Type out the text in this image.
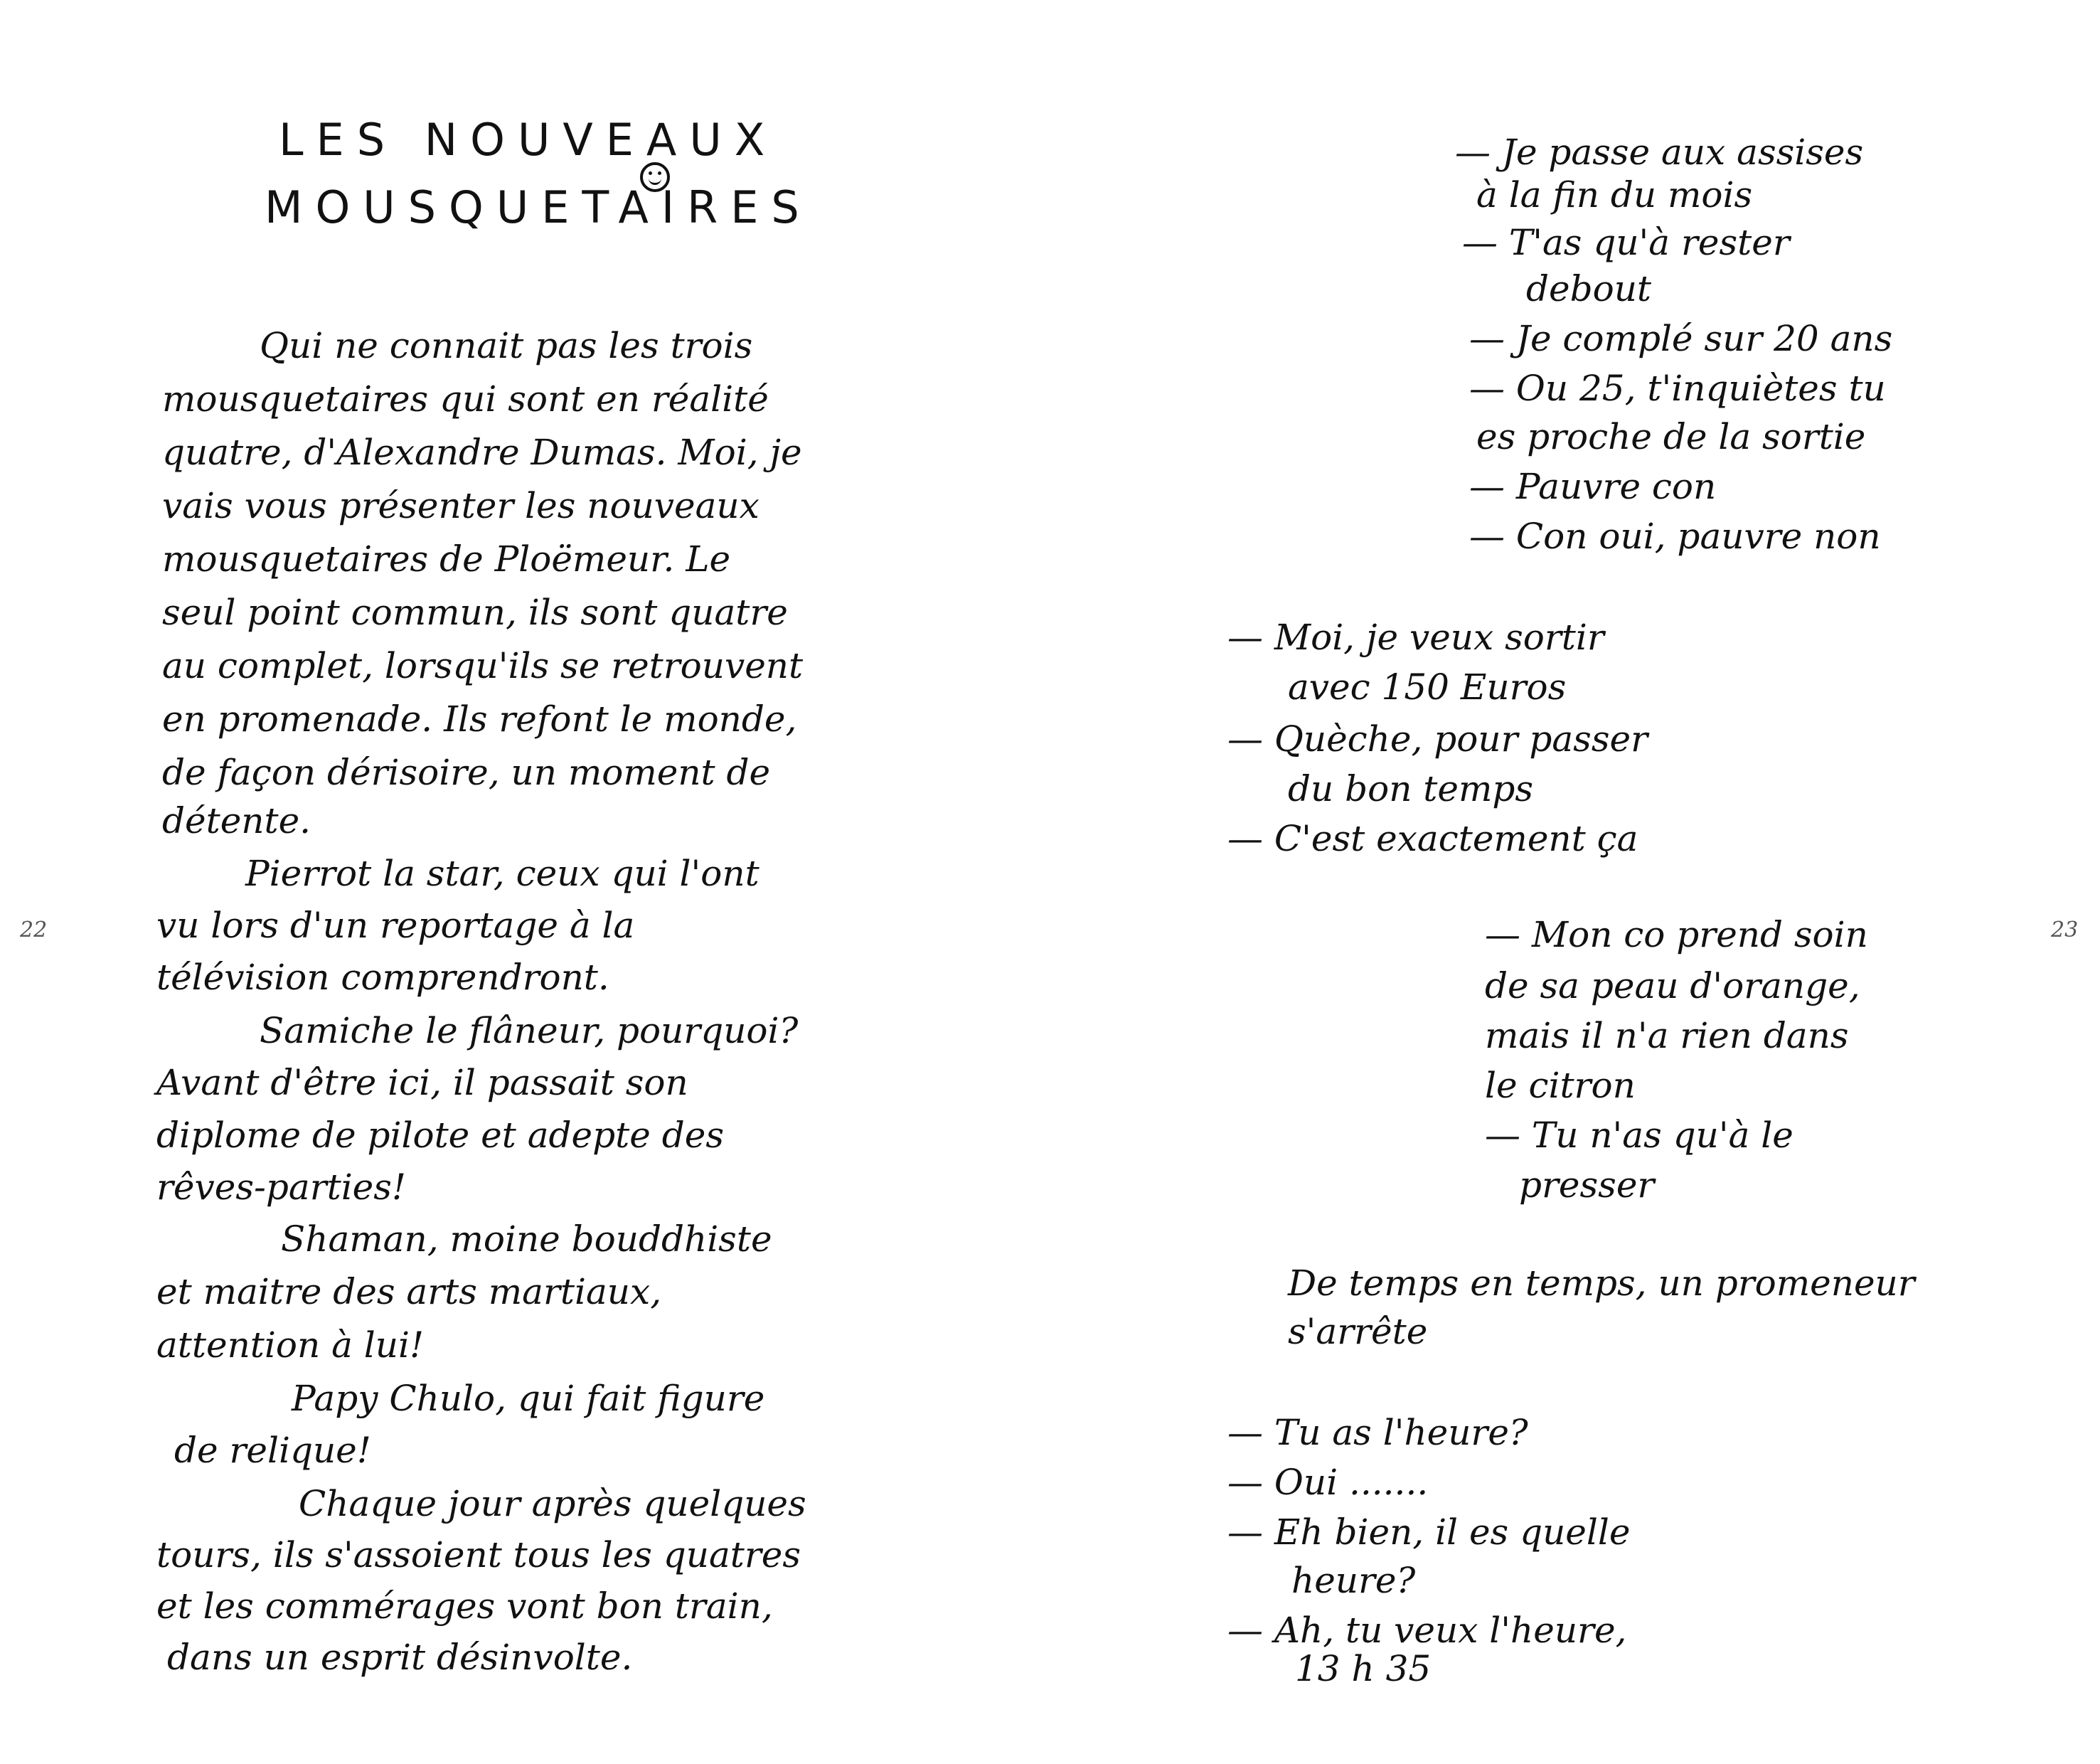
LES NOUVEAUX
MOUSQUETAIRES
Qui ne connait pas les trois
mousquetaires qui sont en réalité
quatre, d'Alexandre Dumas. Moi, je
vais vous présenter les nouveaux
mousquetaires de Ploëmeur. Le
seul point commun, ils sont quatre
au complet, lorsqu'ils se retrouvent
en promenade. Ils refont le monde,
de façon dérisoire, un moment de
détente.
Pierrot la star, ceux qui l'ont
vu lors d'un reportage à la
télévision comprendront.
Samiche le flâneur, pourquoi?
Avant d'être ici, il passait son
diplome de pilote et adepte des
rêves-parties!
Shaman, moine bouddhiste
et maitre des arts martiaux,
attention à lui!
Papy Chulo, qui fait figure
de relique!
Chaque jour après quelques
tours, ils s'assoient tous les quatres
et les commérages vont bon train,
dans un esprit désinvolte.
22	23
— Je passe aux assises
à la fin du mois
— T'as qu'à rester
debout
— Je complé sur 20 ans
— Ou 25, t'inquiètes tu
es proche de la sortie
— Pauvre con
— Con oui, pauvre non
— Moi, je veux sortir
avec 150 Euros
— Quèche, pour passer
du bon temps
— C'est exactement ça
— Mon co prend soin
de sa peau d'orange,
mais il n'a rien dans
le citron
— Tu n'as qu'à le
presser
De temps en temps, un promeneur
s'arrête
— Tu as l'heure?
— Oui .......
— Eh bien, il es quelle
heure?
— Ah, tu veux l'heure,
13 h 35
